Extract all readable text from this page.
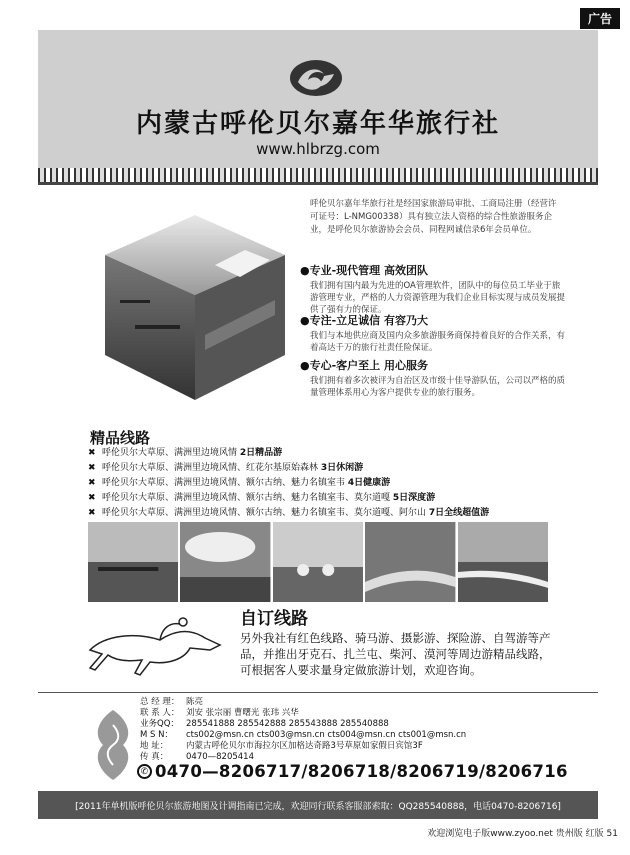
广告
内蒙古呼伦贝尔嘉年华旅行社
www.hlbrzg.com
呼伦贝尔嘉年华旅行社是经国家旅游局审批、工商局注册（经营许可证号：L-NMG00338）具有独立法人资格的综合性旅游服务企业，是呼伦贝尔旅游协会会员、同程网诚信录6年会员单位。
●专业-现代管理 高效团队
我们拥有国内最为先进的OA管理软件，团队中的每位员工毕业于旅游管理专业，严格的人力资源管理为我们企业目标实现与成员发展提供了强有力的保证。
●专注-立足诚信 有容乃大
我们与本地供应商及国内众多旅游服务商保持着良好的合作关系，有着高达千万的旅行社责任险保证。
●专心-客户至上 用心服务
我们拥有着多次被评为自治区及市级十佳导游队伍，公司以严格的质量管理体系用心为客户提供专业的旅行服务。
精品线路
✖ 呼伦贝尔大草原、满洲里边境风情 2日精品游
✖ 呼伦贝尔大草原、满洲里边境风情、红花尔基原始森林 3日休闲游
✖ 呼伦贝尔大草原、满洲里边境风情、额尔古纳、魅力名镇室韦 4日健康游
✖ 呼伦贝尔大草原、满洲里边境风情、额尔古纳、魅力名镇室韦、莫尔道嘎 5日深度游
✖ 呼伦贝尔大草原、满洲里边境风情、额尔古纳、魅力名镇室韦、莫尔道嘎、阿尔山 7日全线超值游
自订线路
另外我社有红色线路、骑马游、摄影游、探险游、自驾游等产品，并推出牙克石、扎兰屯、柴河、漠河等周边游精品线路，可根据客人要求量身定做旅游计划，欢迎咨询。
总 经 理： 陈亮
联 系 人： 刘安 张宗丽 曹曙光 张玮 兴华
业务QQ： 285541888 285542888 285543888 285540888
M S N： cts002@msn.cn cts003@msn.cn cts004@msn.cn cts001@msn.cn
地 址： 内蒙古呼伦贝尔市海拉尔区加格达奇路3号草原如家假日宾馆3F
传 真： 0470—8205414
✆ 0470—8206717/8206718/8206719/8206716
[2011年单机版呼伦贝尔旅游地图及计调指南已完成，欢迎同行联系客服部索取：QQ285540888，电话0470-8206716]
欢迎浏览电子版www.zyoo.net 贵州版 红版 51
